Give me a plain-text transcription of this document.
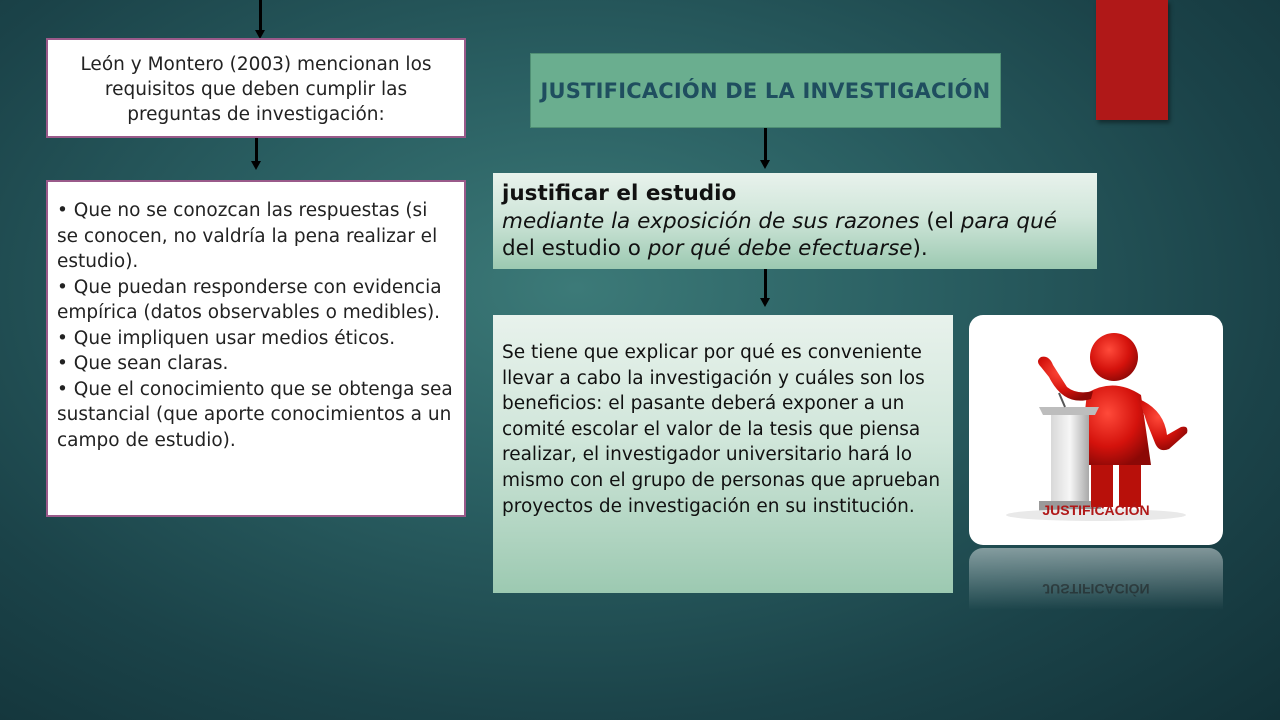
León y Montero (2003) mencionan los requisitos que deben cumplir las preguntas de investigación:
• Que no se conozcan las respuestas (si se conocen, no valdría la pena realizar el estudio).
• Que puedan responderse con evidencia empírica (datos observables o medibles).
• Que impliquen usar medios éticos.
• Que sean claras.
• Que el conocimiento que se obtenga sea sustancial (que aporte conocimientos a un campo de estudio).
JUSTIFICACIÓN DE LA INVESTIGACIÓN
justificar el estudio
mediante la exposición de sus razones (el para qué del estudio o por qué debe efectuarse).
Se tiene que explicar por qué es conveniente llevar a cabo la investigación y cuáles son los beneficios: el pasante deberá exponer a un comité escolar el valor de la tesis que piensa realizar, el investigador universitario hará lo mismo con el grupo de personas que aprueban proyectos de investigación en su institución.	JUSTIFICACIÓN
JUSTIFICACIÓN
